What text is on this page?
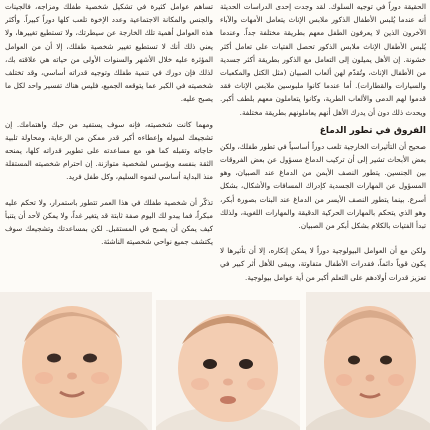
الحقيقة دوراً في توجيه السلوك. لقد وجدت إحدى الدراسات الحديثة أنه عندما يُلبس الأطفال الذكور ملابس الإناث يتعامل الأمهات والآباء الآخرون الذين لا يعرفون الطفل معهم بطريقة مختلفة جداً. وعندما يُلبس الأطفال الإناث ملابس الذكور تحصل الفتيات على تعامل أكثر خشونة. إن الأهل يميلون إلى التعامل مع الذكور بطريقة أكثر جسدية من الأطفال الإناث، وتُقدّم لهن ألعاب الصبيان (مثل الكتل والمكعبات والسيارات والقطارات). أما عندما كانوا ملبوسين ملابس الإناث فقد قدموا لهم الدمى والألعاب الطرية، وكانوا يتعاملون معهم بلطف أكبر. ويحدث ذلك دون أن يدرك الأهل أنهم يعاملونهم بطريقة مختلفة.

الفروق في تطور الدماغ

صحيح أن التأثيرات الخارجية تلعب دوراً أساسياً في تطور طفلك، ولكن بعض الأبحاث تشير إلى أن تركيب الدماغ مسؤول عن بعض الفروقات بين الجنسين. يتطور النصف الأيمن من الدماغ عند الصبيان، وهو المسؤول عن المهارات الجسدية كإدراك المسافات والأشكال، بشكل أسرع. بينما يتطور النصف الأيسر من الدماغ عند البنات بصورة أبكر، وهو الذي يتحكم بالمهارات الحركية الدقيقة والمهارات اللغوية، ولذلك تبدأ الفتيات بالكلام بشكل أبكر من الصبيان.

ولكن مع أن العوامل البيولوجية دوراً لا يمكن إنكاره، إلا أن تأثيرها لا يكون قوياً دائماً، فقدرات الأطفال متفاوتة، ويبقى للأهل أثر كبير في تعزيز قدرات أولادهم على التعلم أكبر من أية عوامل بيولوجية.

تساهم عوامل كثيرة في تشكيل شخصية طفلك ومزاجه، فالجينات والجنس والمكانة الاجتماعية وعدد الإخوة تلعب كلها دوراً كبيراً. وأكثر هذه العوامل أهمية تلك الخارجة عن سيطرتك، ولا تستطيع تغييرها، ولا يعني ذلك أنك لا تستطيع تغيير شخصية طفلك، إلا أن من العوامل المؤثرة عليه خلال الأشهر والسنوات الأولى من حياته هي علاقته بك، لذلك فإن دورك في تنمية طفلك وتوجيه قدراته أساسي، وقد تختلف شخصيته في الكبر عما يتوقعه الجميع، فليس هناك تفسير واحد لكل ما يصبح عليه.

ومهما كانت شخصيته، فإنه سوف يستفيد من حبك واهتمامك. إن تشجيعك لميوله وإعطاءه أكبر قدر ممكن من الرعاية، ومحاولة تلبية حاجاته وتقبله كما هو، مع مساعدته على تطوير قدراته كلها، يمنحه الثقة بنفسه ويؤسس لشخصية متوازنة. إن احترام شخصيته المستقلة منذ البداية أساسي لنموه السليم، وكل طفل فريد.

تذكّر أن شخصية طفلك في هذا العمر تتطور باستمرار، ولا تحكم عليه مبكراً، فما يبدو لك اليوم صفة ثابتة قد يتغير غداً، ولا يمكن لأحد أن يتنبأ كيف يمكن أن يصبح في المستقبل. لكن بمساعدتك وتشجيعك سوف يكتشف جميع نواحي شخصيته الناشئة.
